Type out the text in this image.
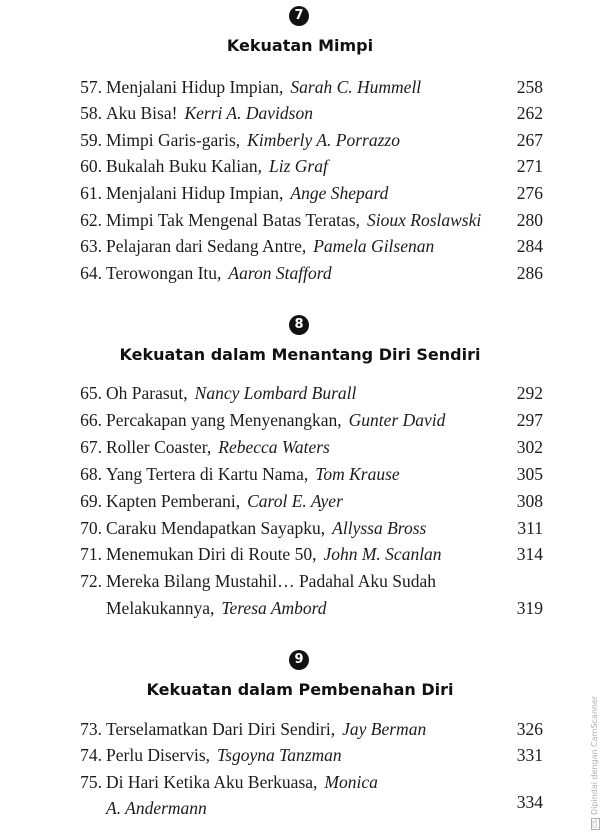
7
Kekuatan Mimpi
57. Menjalani Hidup Impian, Sarah C. Hummell	258
58. Aku Bisa! Kerri A. Davidson	262
59. Mimpi Garis-garis, Kimberly A. Porrazzo	267
60. Bukalah Buku Kalian, Liz Graf	271
61. Menjalani Hidup Impian, Ange Shepard	276
62. Mimpi Tak Mengenal Batas Teratas, Sioux Roslawski 280
63. Pelajaran dari Sedang Antre, Pamela Gilsenan	284
64. Terowongan Itu, Aaron Stafford	286
8
Kekuatan dalam Menantang Diri Sendiri
65. Oh Parasut, Nancy Lombard Burall	292
66. Percakapan yang Menyenangkan, Gunter David	297
67. Roller Coaster, Rebecca Waters	302
68. Yang Tertera di Kartu Nama, Tom Krause	305
69. Kapten Pemberani, Carol E. Ayer	308
70. Caraku Mendapatkan Sayapku, Allyssa Bross	311
71. Menemukan Diri di Route 50, John M. Scanlan	314
72. Mereka Bilang Mustahil… Padahal Aku Sudah
Melakukannya, Teresa Ambord	319
9
Kekuatan dalam Pembenahan Diri
73. Terselamatkan Dari Diri Sendiri, Jay Berman	326
74. Perlu Diservis, Tsgoyna Tanzman	331
75. Di Hari Ketika Aku Berkuasa, Monica
A. Andermann	334
CSDipindai dengan CamScanner
